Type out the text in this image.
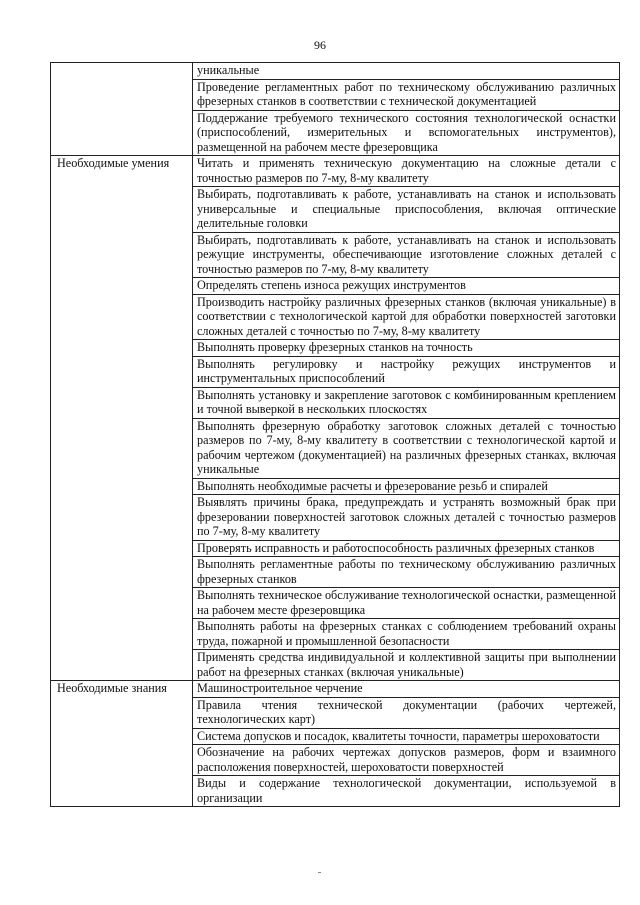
96

	уникальные

	Проведение регламентных работ по техническому обслуживанию различных фрезерных станков в соответствии с технической документацией

	Поддержание требуемого технического состояния технологической оснастки (приспособлений, измерительных и вспомогательных инструментов), размещенной на рабочем месте фрезеровщика

Необходимые умения	Читать и применять техническую документацию на сложные детали с точностью размеров по 7-му, 8-му квалитету

	Выбирать, подготавливать к работе, устанавливать на станок и использовать универсальные и специальные приспособления, включая оптические делительные головки

	Выбирать, подготавливать к работе, устанавливать на станок и использовать режущие инструменты, обеспечивающие изготовление сложных деталей с точностью размеров по 7-му, 8-му квалитету

	Определять степень износа режущих инструментов

	Производить настройку различных фрезерных станков (включая уникальные) в соответствии с технологической картой для обработки поверхностей заготовки сложных деталей с точностью по 7-му, 8-му квалитету

	Выполнять проверку фрезерных станков на точность

	Выполнять регулировку и настройку режущих инструментов и инструментальных приспособлений

	Выполнять установку и закрепление заготовок с комбинированным креплением и точной выверкой в нескольких плоскостях

	Выполнять фрезерную обработку заготовок сложных деталей с точностью размеров по 7-му, 8-му квалитету в соответствии с технологической картой и рабочим чертежом (документацией) на различных фрезерных станках, включая уникальные

	Выполнять необходимые расчеты и фрезерование резьб и спиралей

	Выявлять причины брака, предупреждать и устранять возможный брак при фрезеровании поверхностей заготовок сложных деталей с точностью размеров по 7-му, 8-му квалитету

	Проверять исправность и работоспособность различных фрезерных станков

	Выполнять регламентные работы по техническому обслуживанию различных фрезерных станков

	Выполнять техническое обслуживание технологической оснастки, размещенной на рабочем месте фрезеровщика

	Выполнять работы на фрезерных станках с соблюдением требований охраны труда, пожарной и промышленной безопасности

	Применять средства индивидуальной и коллективной защиты при выполнении работ на фрезерных станках (включая уникальные)

Необходимые знания	Машиностроительное черчение

	Правила чтения технической документации (рабочих чертежей, технологических карт)

	Система допусков и посадок, квалитеты точности, параметры шероховатости

	Обозначение на рабочих чертежах допусков размеров, форм и взаимного расположения поверхностей, шероховатости поверхностей

	Виды и содержание технологической документации, используемой в организации
